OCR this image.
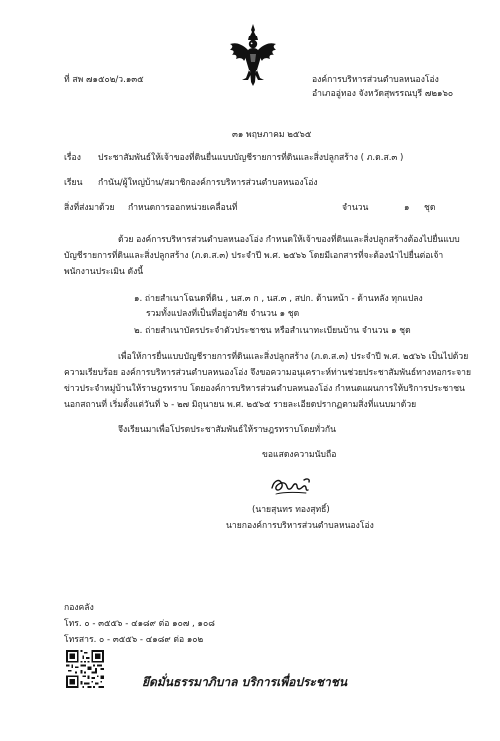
ที่ สพ ๗๑๕๐๒/ว.๑๓๕	องค์การบริหารส่วนตำบลหนองโอ่ง
อำเภออู่ทอง จังหวัดสุพรรณบุรี ๗๒๑๖๐
๓๑ พฤษภาคม ๒๕๖๕
เรื่อง ประชาสัมพันธ์ให้เจ้าของที่ดินยื่นแบบบัญชีรายการที่ดินและสิ่งปลูกสร้าง ( ภ.ด.ส.๓ )
เรียน กำนัน/ผู้ใหญ่บ้าน/สมาชิกองค์การบริหารส่วนตำบลหนองโอ่ง
สิ่งที่ส่งมาด้วย กำหนดการออกหน่วยเคลื่อนที่	จำนวน	๑ ชุด
ด้วย องค์การบริหารส่วนตำบลหนองโอ่ง กำหนดให้เจ้าของที่ดินและสิ่งปลูกสร้างต้องไปยื่นแบบ
บัญชีรายการที่ดินและสิ่งปลูกสร้าง (ภ.ด.ส.๓) ประจำปี พ.ศ. ๒๕๖๖ โดยมีเอกสารที่จะต้องนำไปยื่นต่อเจ้า
พนักงานประเมิน ดังนี้
๑. ถ่ายสำเนาโฉนดที่ดิน , นส.๓ ก , นส.๓ , สปก. ด้านหน้า - ด้านหลัง ทุกแปลง
รวมทั้งแปลงที่เป็นที่อยู่อาศัย จำนวน ๑ ชุด
๒. ถ่ายสำเนาบัตรประจำตัวประชาชน หรือสำเนาทะเบียนบ้าน จำนวน ๑ ชุด
เพื่อให้การยื่นแบบบัญชีรายการที่ดินและสิ่งปลูกสร้าง (ภ.ด.ส.๓) ประจำปี พ.ศ. ๒๕๖๖ เป็นไปด้วย
ความเรียบร้อย องค์การบริหารส่วนตำบลหนองโอ่ง จึงขอความอนุเคราะห์ท่านช่วยประชาสัมพันธ์ทางหอกระจาย
ข่าวประจำหมู่บ้านให้ราษฎรทราบ โดยองค์การบริหารส่วนตำบลหนองโอ่ง กำหนดแผนการให้บริการประชาชน
นอกสถานที่ เริ่มตั้งแต่วันที่ ๖ - ๒๗ มิถุนายน พ.ศ. ๒๕๖๕ รายละเอียดปรากฏตามสิ่งที่แนบมาด้วย
จึงเรียนมาเพื่อโปรดประชาสัมพันธ์ให้ราษฎรทราบโดยทั่วกัน
ขอแสดงความนับถือ
(นายสุนทร ทองสุทธิ์)
นายกองค์การบริหารส่วนตำบลหนองโอ่ง
กองคลัง
โทร. ๐ - ๓๕๕๖ - ๔๑๘๙ ต่อ ๑๐๗ , ๑๐๘
โทรสาร. ๐ - ๓๕๕๖ - ๔๑๘๙ ต่อ ๑๐๒
ยึดมั่นธรรมาภิบาล บริการเพื่อประชาชน
